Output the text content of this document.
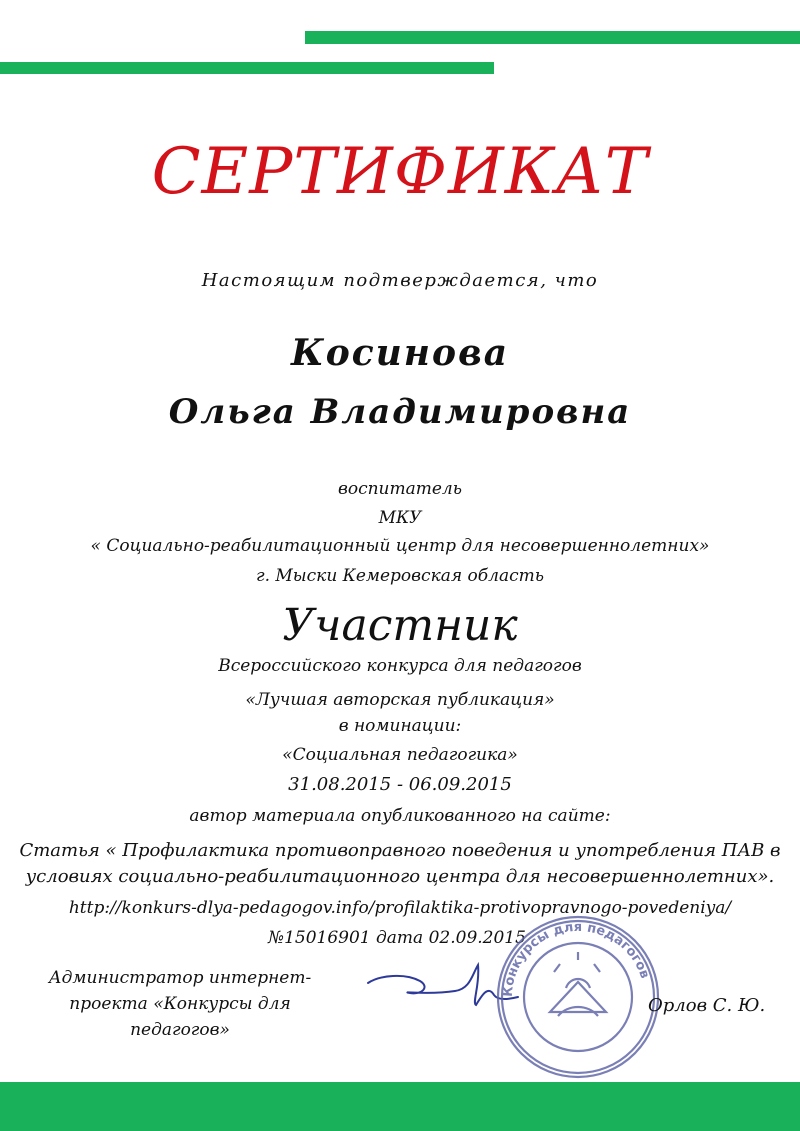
СЕРТИФИКАТ
Настоящим подтверждается, что
Косинова
Ольга Владимировна
воспитатель
МКУ
« Социально-реабилитационный центр для несовершеннолетних»
г. Мыски Кемеровская область
Участник
Всероссийского конкурса для педагогов
«Лучшая авторская публикация»
в номинации:
«Социальная педагогика»
31.08.2015 - 06.09.2015
автор материала опубликованного на сайте:
Статья « Профилактика противоправного поведения и употребления ПАВ в
условиях социально-реабилитационного центра для несовершеннолетних».
http://konkurs-dlya-pedagogov.info/profilaktika-protivopravnogo-povedeniya/
№15016901 дата 02.09.2015
Администратор интернет-
проекта «Конкурсы для
педагогов»
Конкурсы для педагогов
Орлов С. Ю.
